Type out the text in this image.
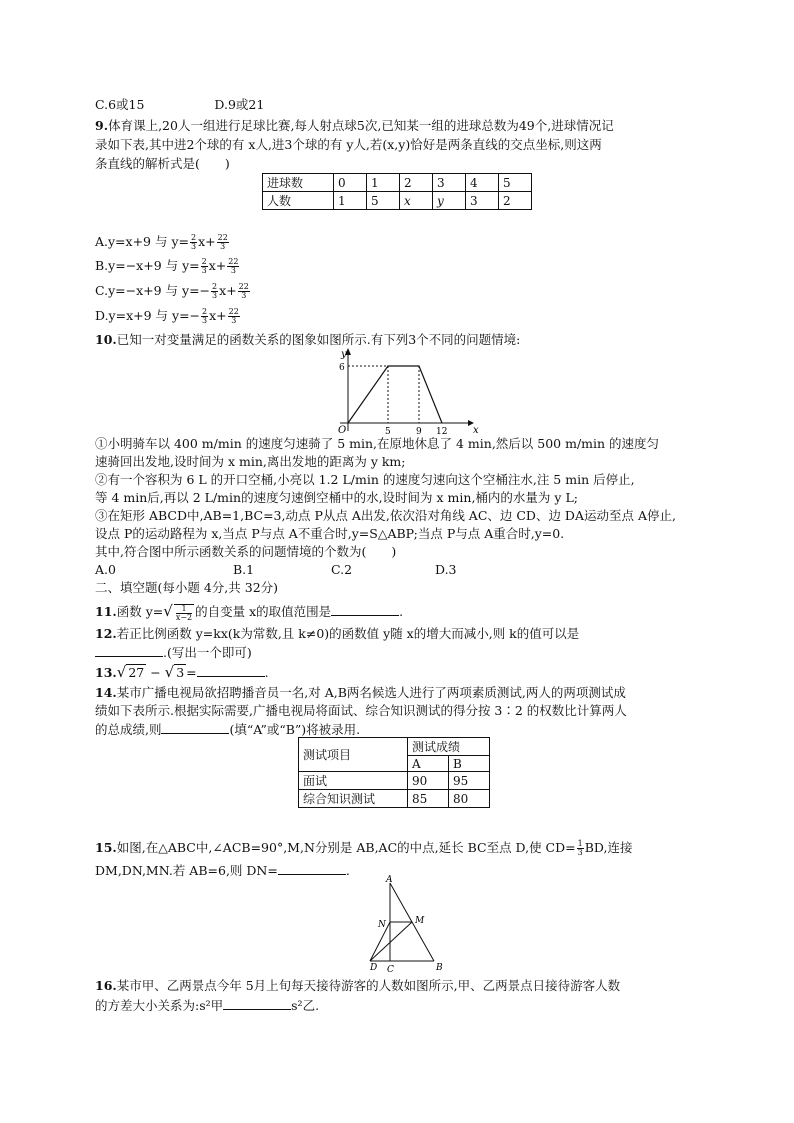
C.6或15	D.9或21
9.体育课上,20人一组进行足球比赛,每人射点球5次,已知某一组的进球总数为49个,进球情况记
录如下表,其中进2个球的有 x人,进3个球的有 y人,若(x,y)恰好是两条直线的交点坐标,则这两
条直线的解析式是(　　)
进球数	0	1	2	3	4	5
人数	1	5	x	y	3	2
A.y=x+9 与 $y= \frac{2}{3} x+ \frac{22}{3}$
B.y=−x+9 与 $y= \frac{2}{3} x+ \frac{22}{3}$
C.y=−x+9 与 $y=- \frac{2}{3} x+ \frac{22}{3}$
D.y=x+9 与 $y=- \frac{2}{3} x+ \frac{22}{3}$
10.已知一对变量满足的函数关系的图象如图所示.有下列3个不同的问题情境:
y
x
O
6
5	9 12
①小明骑车以 400 m/min 的速度匀速骑了 5 min,在原地休息了 4 min,然后以 500 m/min 的速度匀
速骑回出发地,设时间为 x min,离出发地的距离为 y km;
②有一个容积为 6 L 的开口空桶,小亮以 1.2 L/min 的速度匀速向这个空桶注水,注 5 min 后停止,
等 4 min后,再以 2 L/min的速度匀速倒空桶中的水,设时间为 x min,桶内的水量为 y L;
③在矩形 ABCD中,AB=1,BC=3,动点 P从点 A出发,依次沿对角线 AC、边 CD、边 DA运动至点 A停止,
设点 P的运动路程为 x,当点 P与点 A不重合时,y=S△ABP;当点 P与点 A重合时,y=0.
其中,符合图中所示函数关系的问题情境的个数为(　　)
A.0	B.1	C.2	D.3
二、填空题(每小题 4分,共 32分)
11.函数 $y=√ \frac{1}{x-2}$ 的自变量 x的取值范围是	.
12.若正比例函数 y=kx(k为常数,且 k≠0)的函数值 y随 x的增大而减小,则 k的值可以是
.(写出一个即可)
13.√ 27 − √ 3 =	.
14.某市广播电视局欲招聘播音员一名,对 A,B两名候选人进行了两项素质测试,两人的两项测试成
绩如下表所示.根据实际需要,广播电视局将面试、综合知识测试的得分按 3∶2 的权数比计算两人
的总成绩,则	(填“A”或“B”)将被录用.
测试项目	测试成绩	
	A	B
面试	90	95
综合知识测试	85	80
15.如图,在△ABC中,∠ACB=90°,M,N分别是 AB,AC的中点,延长 BC至点 D,使 $CD= \frac{1}{3}$ BD,连接
DM,DN,MN.若 AB=6,则 DN=	.
A
B
C
D
M
N
16.某市甲、乙两景点今年 5月上旬每天接待游客的人数如图所示,甲、乙两景点日接待游客人数
的方差大小关系为:s²甲	s²乙.
